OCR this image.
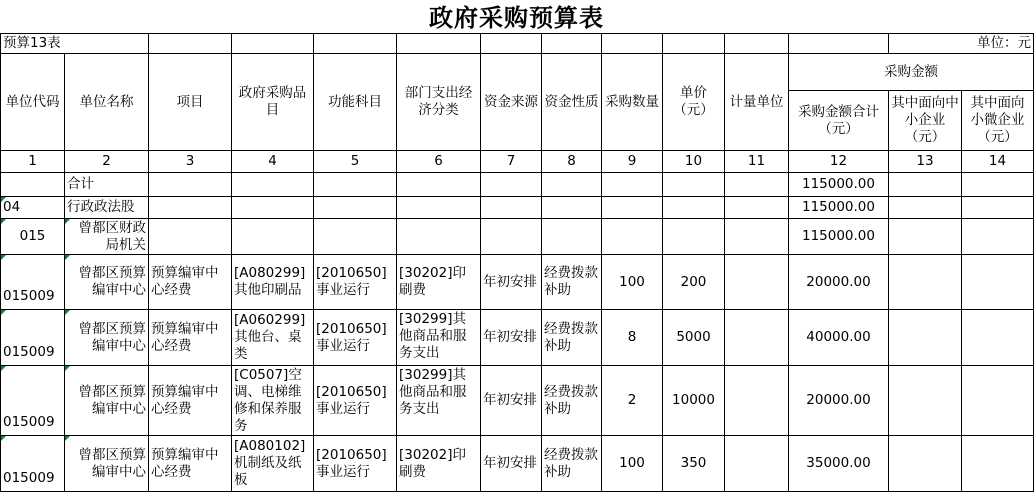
政府采购预算表
预算13表												单位：元	
单位代码	单位名称	项目	政府采购品目	功能科目	部门支出经济分类	资金来源	资金性质	采购数量	单价（元）	计量单位	采购金额		
											采购金额合计（元）	其中面向中小企业（元）	其中面向小微企业（元）
1	2	3	4	5	6	7	8	9	10	11	12	13	14
	合计										115000.00		
04	行政政法股										115000.00		
015	曾都区财政局机关										115000.00		
015009	曾都区预算编审中心	预算编审中心经费	[A080299]其他印刷品	[2010650]事业运行	[30202]印刷费	年初安排	经费拨款补助	100	200		20000.00		
015009	曾都区预算编审中心	预算编审中心经费	[A060299]其他台、桌类	[2010650]事业运行	[30299]其他商品和服务支出	年初安排	经费拨款补助	8	5000		40000.00		
015009	曾都区预算编审中心	预算编审中心经费	[C0507]空调、电梯维修和保养服务	[2010650]事业运行	[30299]其他商品和服务支出	年初安排	经费拨款补助	2	10000		20000.00		
015009	曾都区预算编审中心	预算编审中心经费	[A080102]机制纸及纸板	[2010650]事业运行	[30202]印刷费	年初安排	经费拨款补助	100	350		35000.00		
